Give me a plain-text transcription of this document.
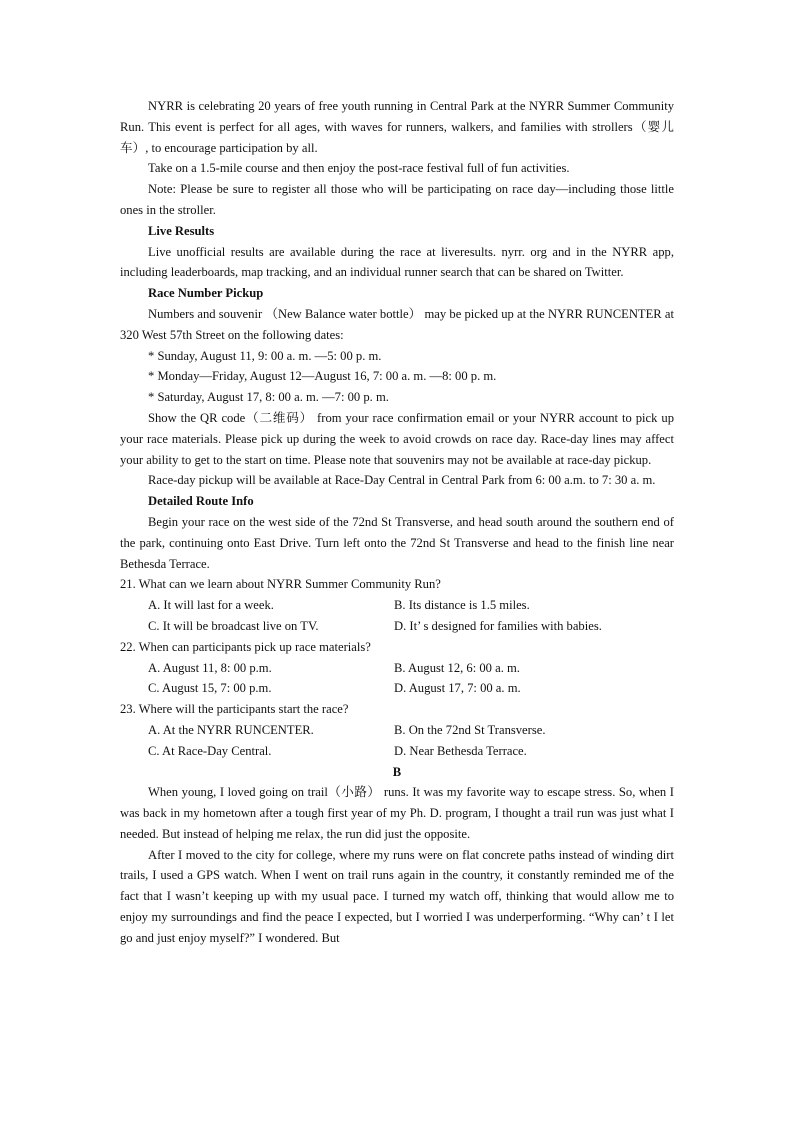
NYRR is celebrating 20 years of free youth running in Central Park at the NYRR Summer Community Run. This event is perfect for all ages, with waves for runners, walkers, and families with strollers（婴儿车）, to encourage participation by all.

Take on a 1.5-mile course and then enjoy the post-race festival full of fun activities.

Note: Please be sure to register all those who will be participating on race day—including those little ones in the stroller.

Live Results

Live unofficial results are available during the race at liveresults. nyrr. org and in the NYRR app, including leaderboards, map tracking, and an individual runner search that can be shared on Twitter.

Race Number Pickup

Numbers and souvenir （New Balance water bottle） may be picked up at the NYRR RUNCENTER at 320 West 57th Street on the following dates:

* Sunday, August 11, 9: 00 a. m. —5: 00 p. m.

* Monday—Friday, August 12—August 16, 7: 00 a. m. —8: 00 p. m.

* Saturday, August 17, 8: 00 a. m. —7: 00 p. m.

Show the QR code（二维码） from your race confirmation email or your NYRR account to pick up your race materials. Please pick up during the week to avoid crowds on race day. Race-day lines may affect your ability to get to the start on time. Please note that souvenirs may not be available at race-day pickup.

Race-day pickup will be available at Race-Day Central in Central Park from 6: 00 a.m. to 7: 30 a. m.

Detailed Route Info

Begin your race on the west side of the 72nd St Transverse, and head south around the southern end of the park, continuing onto East Drive. Turn left onto the 72nd St Transverse and head to the finish line near Bethesda Terrace.

21. What can we learn about NYRR Summer Community Run?

A. It will last for a week.	B. Its distance is 1.5 miles.
C. It will be broadcast live on TV.	D. It’ s designed for families with babies.

22. When can participants pick up race materials?

A. August 11, 8: 00 p.m.	B. August 12, 6: 00 a. m.
C. August 15, 7: 00 p.m.	D. August 17, 7: 00 a. m.

23. Where will the participants start the race?

A. At the NYRR RUNCENTER.	B. On the 72nd St Transverse.
C. At Race-Day Central.	D. Near Bethesda Terrace.

B

When young, I loved going on trail（小路） runs. It was my favorite way to escape stress. So, when I was back in my hometown after a tough first year of my Ph. D. program, I thought a trail run was just what I needed. But instead of helping me relax, the run did just the opposite.

After I moved to the city for college, where my runs were on flat concrete paths instead of winding dirt trails, I used a GPS watch. When I went on trail runs again in the country, it constantly reminded me of the fact that I wasn’t keeping up with my usual pace. I turned my watch off, thinking that would allow me to enjoy my surroundings and find the peace I expected, but I worried I was underperforming. “Why can’ t I let go and just enjoy myself?” I wondered. But
